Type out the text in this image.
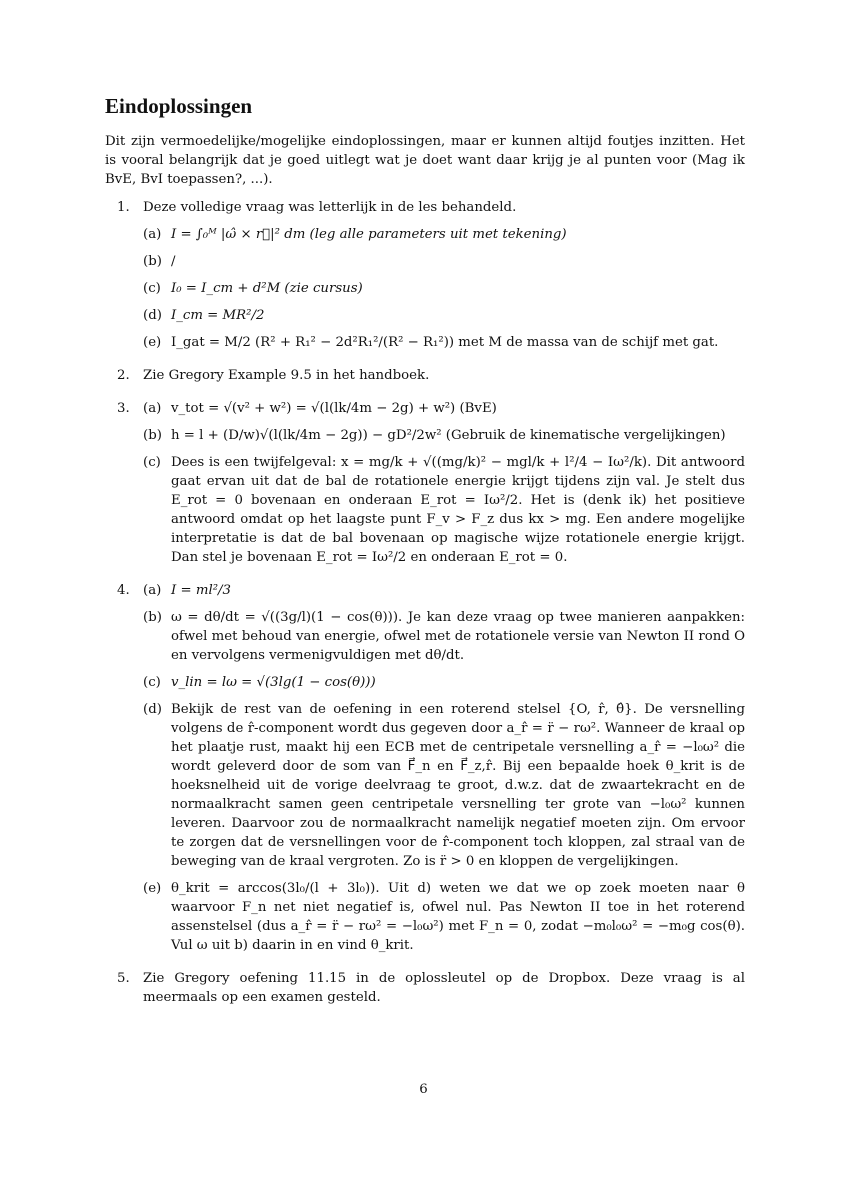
Eindoplossingen

Dit zijn vermoedelijke/mogelijke eindoplossingen, maar er kunnen altijd foutjes inzitten. Het is vooral belangrijk dat je goed uitlegt wat je doet want daar krijg je al punten voor (Mag ik BvE, BvI toepassen?, ...).

1. Deze volledige vraag was letterlijk in de les behandeld.
(a) I = ∫₀ᴹ |ω̂ × r⃗|² dm (leg alle parameters uit met tekening)
(b) /
(c) I₀ = I_cm + d²M (zie cursus)
(d) I_cm = MR²/2
(e) I_gat = M/2 (R² + R₁² − 2d²R₁²/(R² − R₁²)) met M de massa van de schijf met gat.
2. Zie Gregory Example 9.5 in het handboek.
3. (a) v_tot = √(v² + w²) = √(l(lk/4m − 2g) + w²) (BvE)
(b) h = l + (D/w)√(l(lk/4m − 2g)) − gD²/2w² (Gebruik de kinematische vergelijkingen)
(c) Dees is een twijfelgeval: x = mg/k + √((mg/k)² − mgl/k + l²/4 − Iω²/k). Dit antwoord gaat ervan uit dat de bal de rotationele energie krijgt tijdens zijn val. Je stelt dus E_rot = 0 bovenaan en onderaan E_rot = Iω²/2. Het is (denk ik) het positieve antwoord omdat op het laagste punt F_v > F_z dus kx > mg. Een andere mogelijke interpretatie is dat de bal bovenaan op magische wijze rotationele energie krijgt. Dan stel je bovenaan E_rot = Iω²/2 en onderaan E_rot = 0.
4. (a) I = ml²/3
(b) ω = dθ/dt = √((3g/l)(1 − cos(θ))). Je kan deze vraag op twee manieren aanpakken: ofwel met behoud van energie, ofwel met de rotationele versie van Newton II rond O en vervolgens vermenigvuldigen met dθ/dt.
(c) v_lin = lω = √(3lg(1 − cos(θ)))
(d) Bekijk de rest van de oefening in een roterend stelsel {O, r̂, θ̂}. De versnelling volgens de r̂-component wordt dus gegeven door a_r̂ = r̈ − rω². Wanneer de kraal op het plaatje rust, maakt hij een ECB met de centripetale versnelling a_r̂ = −l₀ω² die wordt geleverd door de som van F⃗_n en F⃗_z,r̂. Bij een bepaalde hoek θ_krit is de hoeksnelheid uit de vorige deelvraag te groot, d.w.z. dat de zwaartekracht en de normaalkracht samen geen centripetale versnelling ter grote van −l₀ω² kunnen leveren. Daarvoor zou de normaalkracht namelijk negatief moeten zijn. Om ervoor te zorgen dat de versnellingen voor de r̂-component toch kloppen, zal straal van de beweging van de kraal vergroten. Zo is r̈ > 0 en kloppen de vergelijkingen.
(e) θ_krit = arccos(3l₀/(l + 3l₀)). Uit d) weten we dat we op zoek moeten naar θ waarvoor F_n net niet negatief is, ofwel nul. Pas Newton II toe in het roterend assenstelsel (dus a_r̂ = r̈ − rω² = −l₀ω²) met F_n = 0, zodat −m₀l₀ω² = −m₀g cos(θ). Vul ω uit b) daarin in en vind θ_krit.
5. Zie Gregory oefening 11.15 in de oplossleutel op de Dropbox. Deze vraag is al meermaals op een examen gesteld.
6
